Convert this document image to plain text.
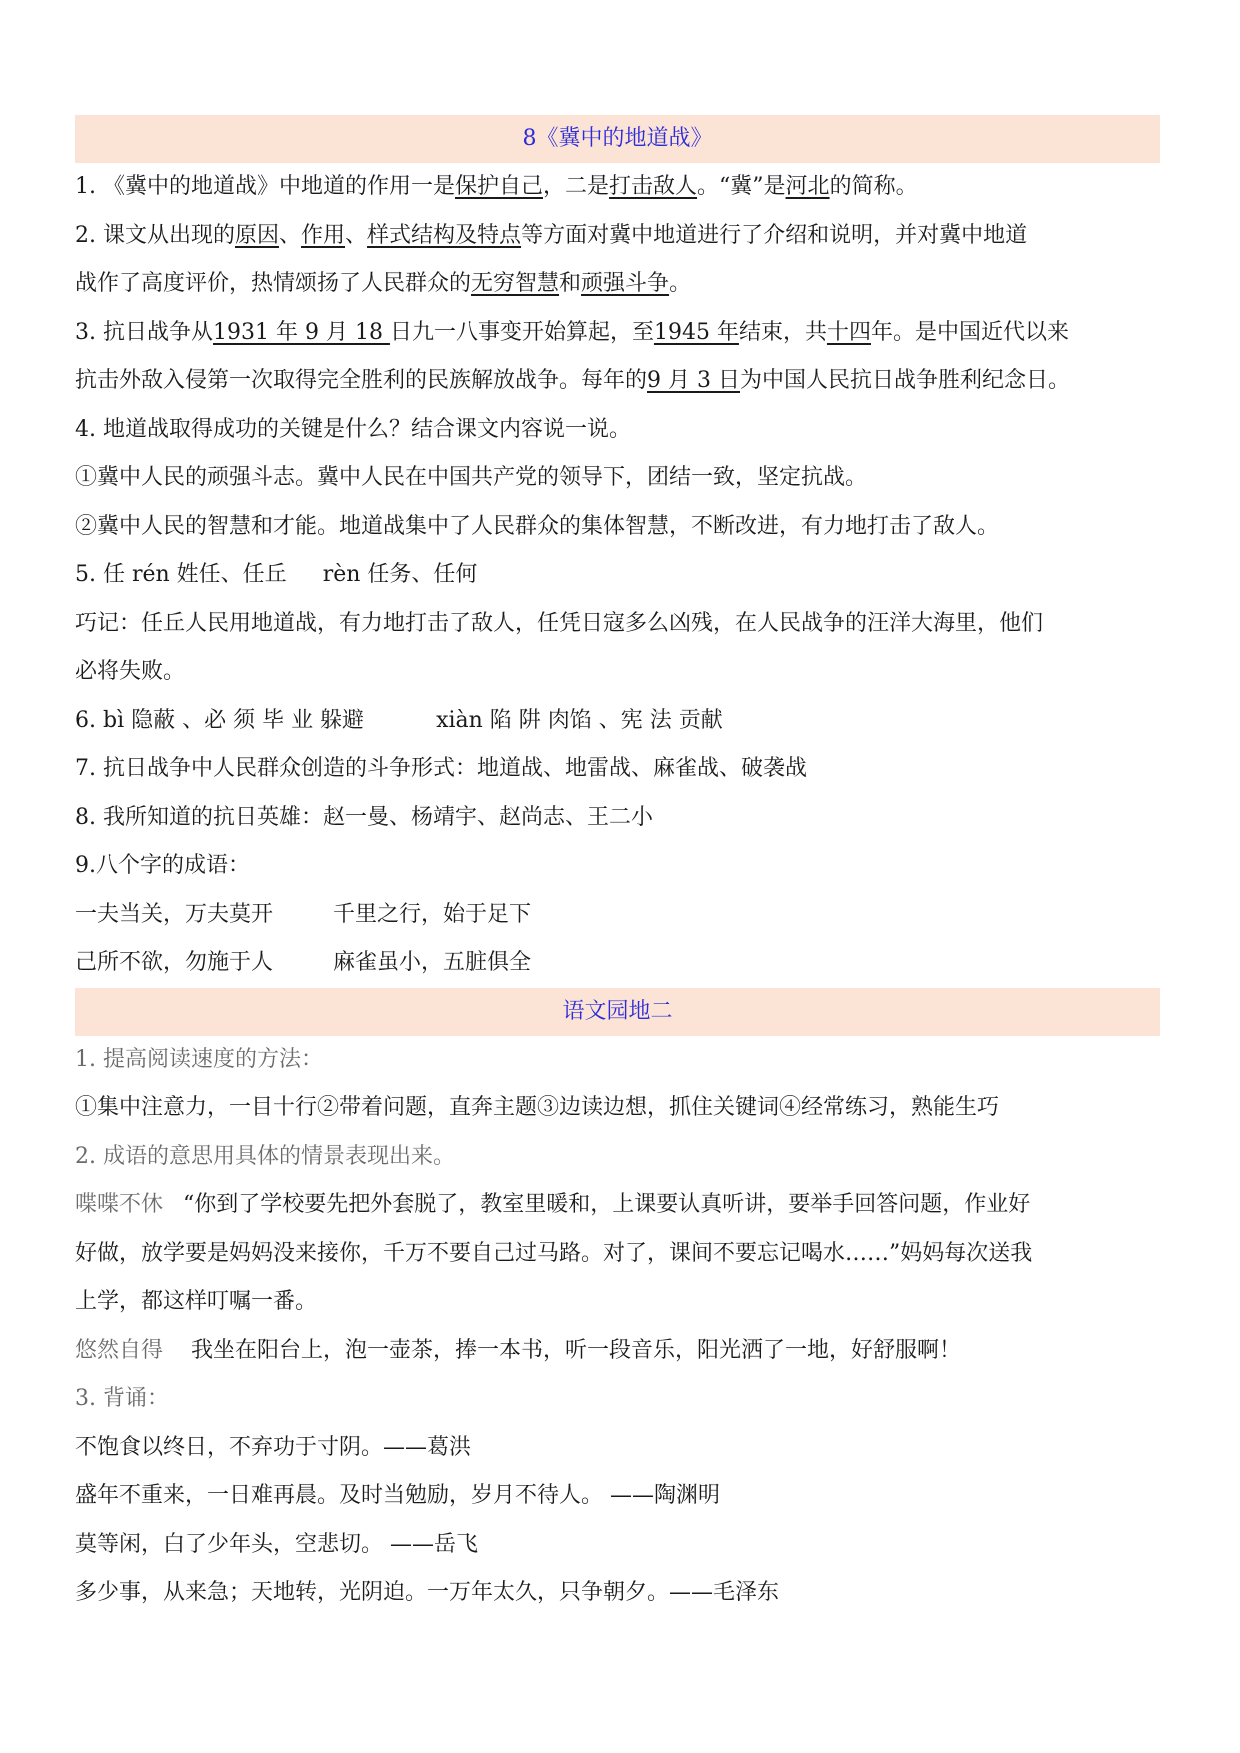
8《冀中的地道战》
1. 《冀中的地道战》中地道的作用一是保护自己，二是打击敌人。“冀”是河北的简称。
2. 课文从出现的原因、作用、样式结构及特点等方面对冀中地道进行了介绍和说明，并对冀中地道
战作了高度评价，热情颂扬了人民群众的无穷智慧和顽强斗争。
3. 抗日战争从1931 年 9 月 18 日九一八事变开始算起，至1945 年结束，共十四年。是中国近代以来
抗击外敌入侵第一次取得完全胜利的民族解放战争。每年的9 月 3 日为中国人民抗日战争胜利纪念日。
4. 地道战取得成功的关键是什么？结合课文内容说一说。
①冀中人民的顽强斗志。冀中人民在中国共产党的领导下，团结一致，坚定抗战。
②冀中人民的智慧和才能。地道战集中了人民群众的集体智慧，不断改进，有力地打击了敌人。
5. 任 rén 姓任、任丘 rèn 任务、任何
巧记：任丘人民用地道战，有力地打击了敌人，任凭日寇多么凶残，在人民战争的汪洋大海里，他们
必将失败。
6. bì 隐蔽 、必 须 毕 业 躲避	xiàn 陷 阱 肉馅 、宪 法 贡献
7. 抗日战争中人民群众创造的斗争形式：地道战、地雷战、麻雀战、破袭战
8. 我所知道的抗日英雄：赵一曼、杨靖宇、赵尚志、王二小
9.八个字的成语：
一夫当关，万夫莫开	千里之行，始于足下
己所不欲，勿施于人	麻雀虽小，五脏俱全
语文园地二
1. 提高阅读速度的方法：
①集中注意力，一目十行②带着问题，直奔主题③边读边想，抓住关键词④经常练习，熟能生巧
2. 成语的意思用具体的情景表现出来。
喋喋不休 “你到了学校要先把外套脱了，教室里暖和，上课要认真听讲，要举手回答问题，作业好
好做，放学要是妈妈没来接你，千万不要自己过马路。对了，课间不要忘记喝水……”妈妈每次送我
上学，都这样叮嘱一番。
悠然自得 我坐在阳台上，泡一壶茶，捧一本书，听一段音乐，阳光洒了一地，好舒服啊！
3. 背诵：
不饱食以终日，不弃功于寸阴。——葛洪
盛年不重来，一日难再晨。及时当勉励，岁月不待人。 ——陶渊明
莫等闲，白了少年头，空悲切。 ——岳飞
多少事，从来急；天地转，光阴迫。一万年太久，只争朝夕。——毛泽东
